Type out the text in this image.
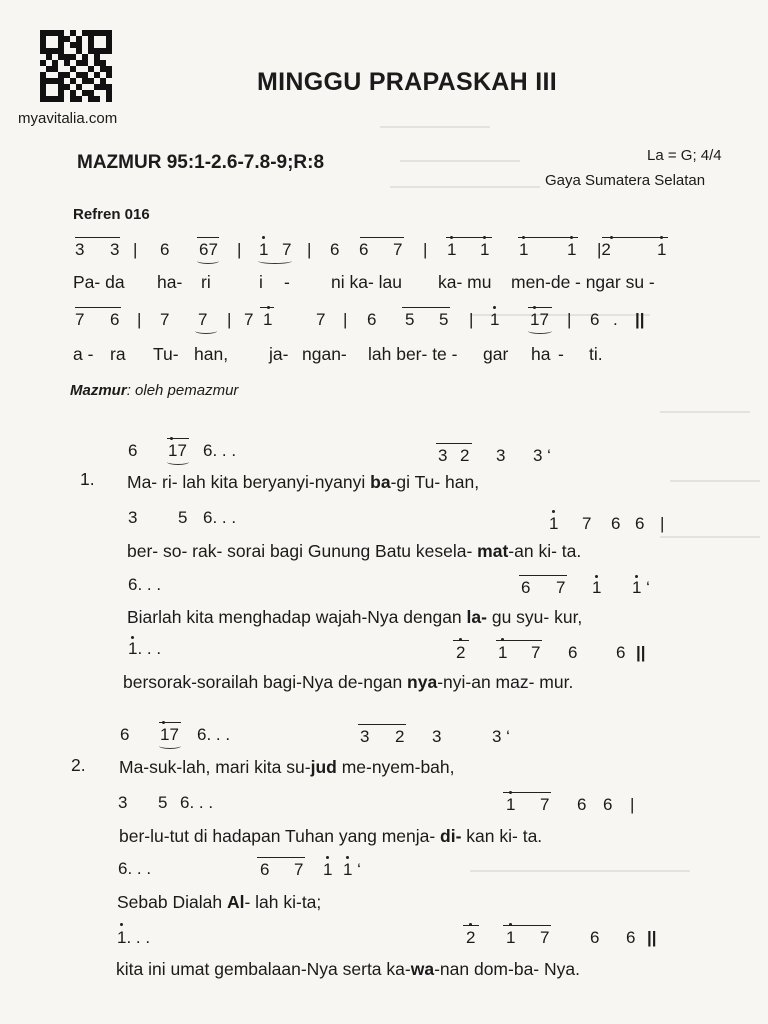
myavitalia.com
MINGGU PRAPASKAH III
MAZMUR 95:1-2.6-7.8-9;R:8	La = G; 4/4
Gaya Sumatera Selatan
Refren 016
3 3 | 6 67 | 1 7 | 6 6 7 | 1 1 1 1 |2	1
Pa- da ha- ri	i - ni ka- lau ka- mu men-de - ngar su -
7 6 | 7 7 | 7 1	7 | 6 5 5 | 1 17 | 6 . ||
a - ra Tu- han, ja- ngan- lah ber- te - gar ha - ti.
Mazmur: oleh pemazmur
6 17 6. . .	3 2 3 3 ‘
1. Ma- ri- lah kita beryanyi-nyanyi ba-gi Tu- han,
3 5 6. . .	1 7 6 6 |
ber- so- rak- sorai bagi Gunung Batu kesela- mat-an ki- ta.
6. . .	6 7 1 1 ‘
Biarlah kita menghadap wajah-Nya dengan la- gu syu- kur,
1. . .	2 1 7 6 6 ||
bersorak-sorailah bagi-Nya de-ngan nya-nyi-an maz- mur.
6 17 6. . .	3 2 3	3 ‘
2. Ma-suk-lah, mari kita su-jud me-nyem-bah,
3 5 6. . .	1 7 6 6 |
ber-lu-tut di hadapan Tuhan yang menja- di- kan ki- ta.
6. . .	6 7 1 1 ‘
Sebab Dialah Al- lah ki-ta;
1. . .	2 1 7 6 6 ||
kita ini umat gembalaan-Nya serta ka-wa-nan dom-ba- Nya.
